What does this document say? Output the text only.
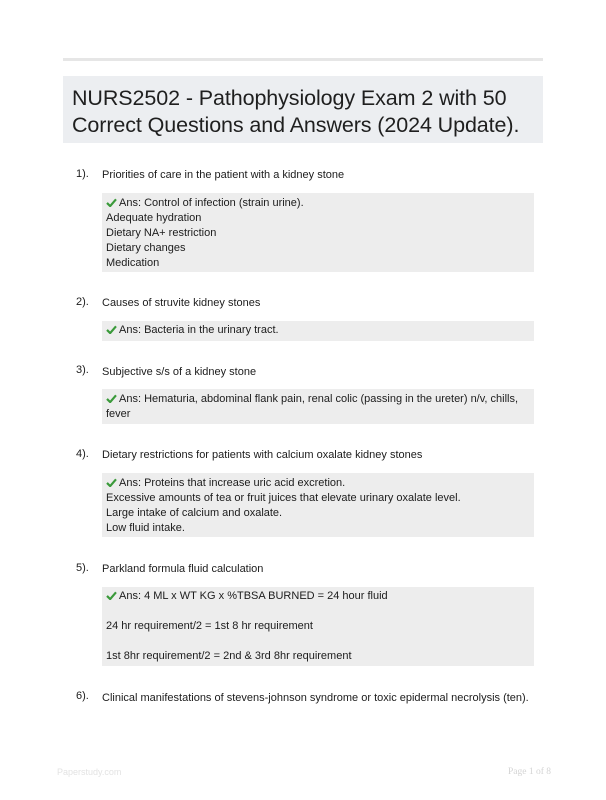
NURS2502 - Pathophysiology Exam 2 with 50
Correct Questions and Answers (2024 Update).
1). Priorities of care in the patient with a kidney stone
Ans: Control of infection (strain urine).
Adequate hydration
Dietary NA+ restriction
Dietary changes
Medication
2). Causes of struvite kidney stones
Ans: Bacteria in the urinary tract.
3). Subjective s/s of a kidney stone
Ans: Hematuria, abdominal flank pain, renal colic (passing in the ureter) n/v, chills, fever
4). Dietary restrictions for patients with calcium oxalate kidney stones
Ans: Proteins that increase uric acid excretion.
Excessive amounts of tea or fruit juices that elevate urinary oxalate level.
Large intake of calcium and oxalate.
Low fluid intake.
5). Parkland formula fluid calculation
Ans: 4 ML x WT KG x %TBSA BURNED = 24 hour fluid
24 hr requirement/2 = 1st 8 hr requirement
1st 8hr requirement/2 = 2nd & 3rd 8hr requirement
6). Clinical manifestations of stevens-johnson syndrome or toxic epidermal necrolysis (ten).
Paperstudy.com	Page 1 of 8
